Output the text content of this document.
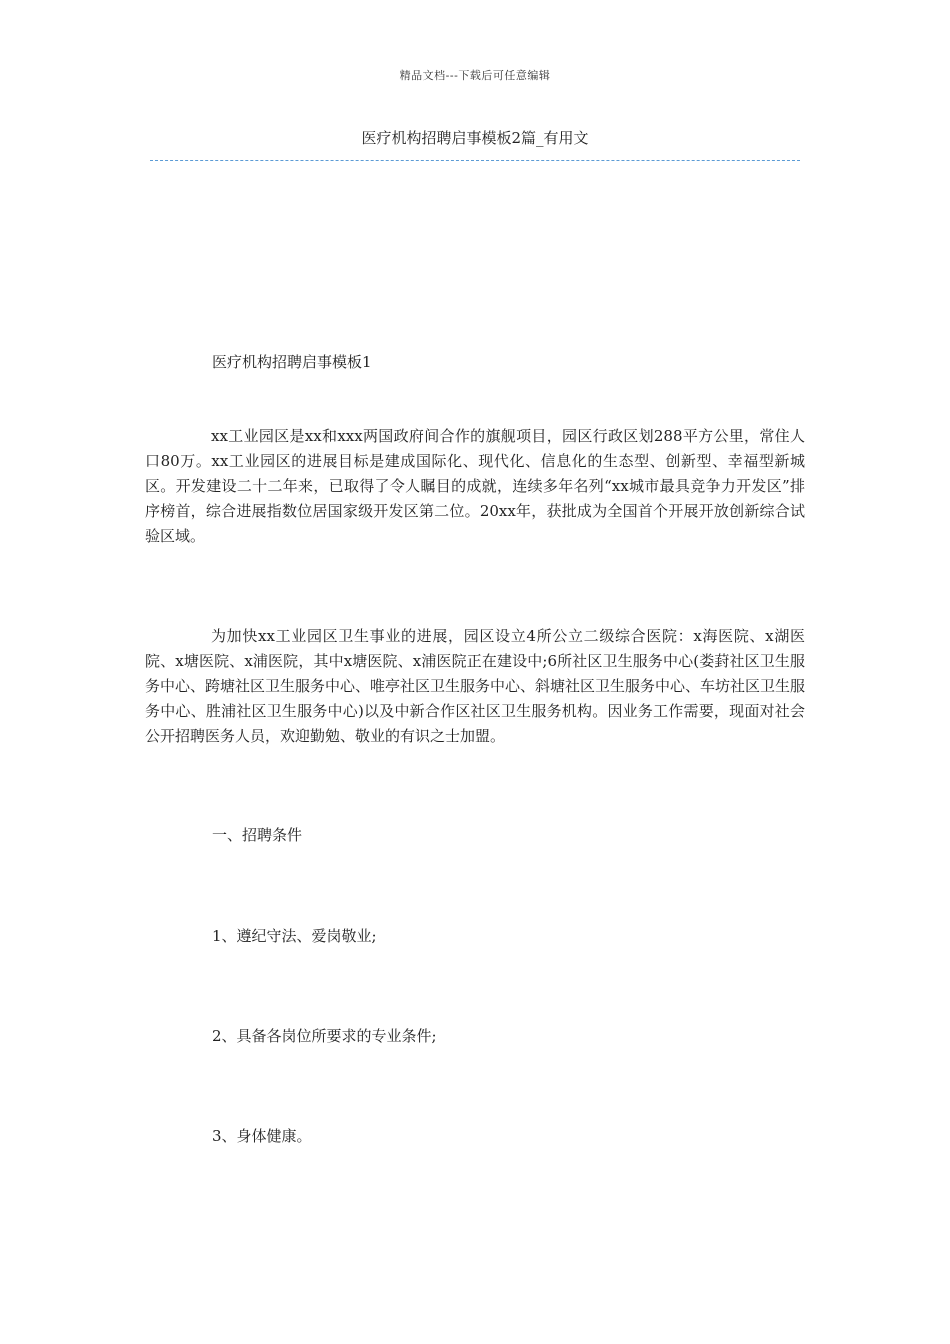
精品文档---下载后可任意编辑
医疗机构招聘启事模板2篇_有用文
医疗机构招聘启事模板1
xx工业园区是xx和xxx两国政府间合作的旗舰项目，园区行政区划288平方公里，常住人口80万。xx工业园区的进展目标是建成国际化、现代化、信息化的生态型、创新型、幸福型新城区。开发建设二十二年来，已取得了令人瞩目的成就，连续多年名列“xx城市最具竞争力开发区”排序榜首，综合进展指数位居国家级开发区第二位。20xx年，获批成为全国首个开展开放创新综合试验区域。
为加快xx工业园区卫生事业的进展，园区设立4所公立二级综合医院：x海医院、x湖医院、x塘医院、x浦医院，其中x塘医院、x浦医院正在建设中;6所社区卫生服务中心(娄葑社区卫生服务中心、跨塘社区卫生服务中心、唯亭社区卫生服务中心、斜塘社区卫生服务中心、车坊社区卫生服务中心、胜浦社区卫生服务中心)以及中新合作区社区卫生服务机构。因业务工作需要，现面对社会公开招聘医务人员，欢迎勤勉、敬业的有识之士加盟。
一、招聘条件
1、遵纪守法、爱岗敬业;
2、具备各岗位所要求的专业条件;
3、身体健康。
